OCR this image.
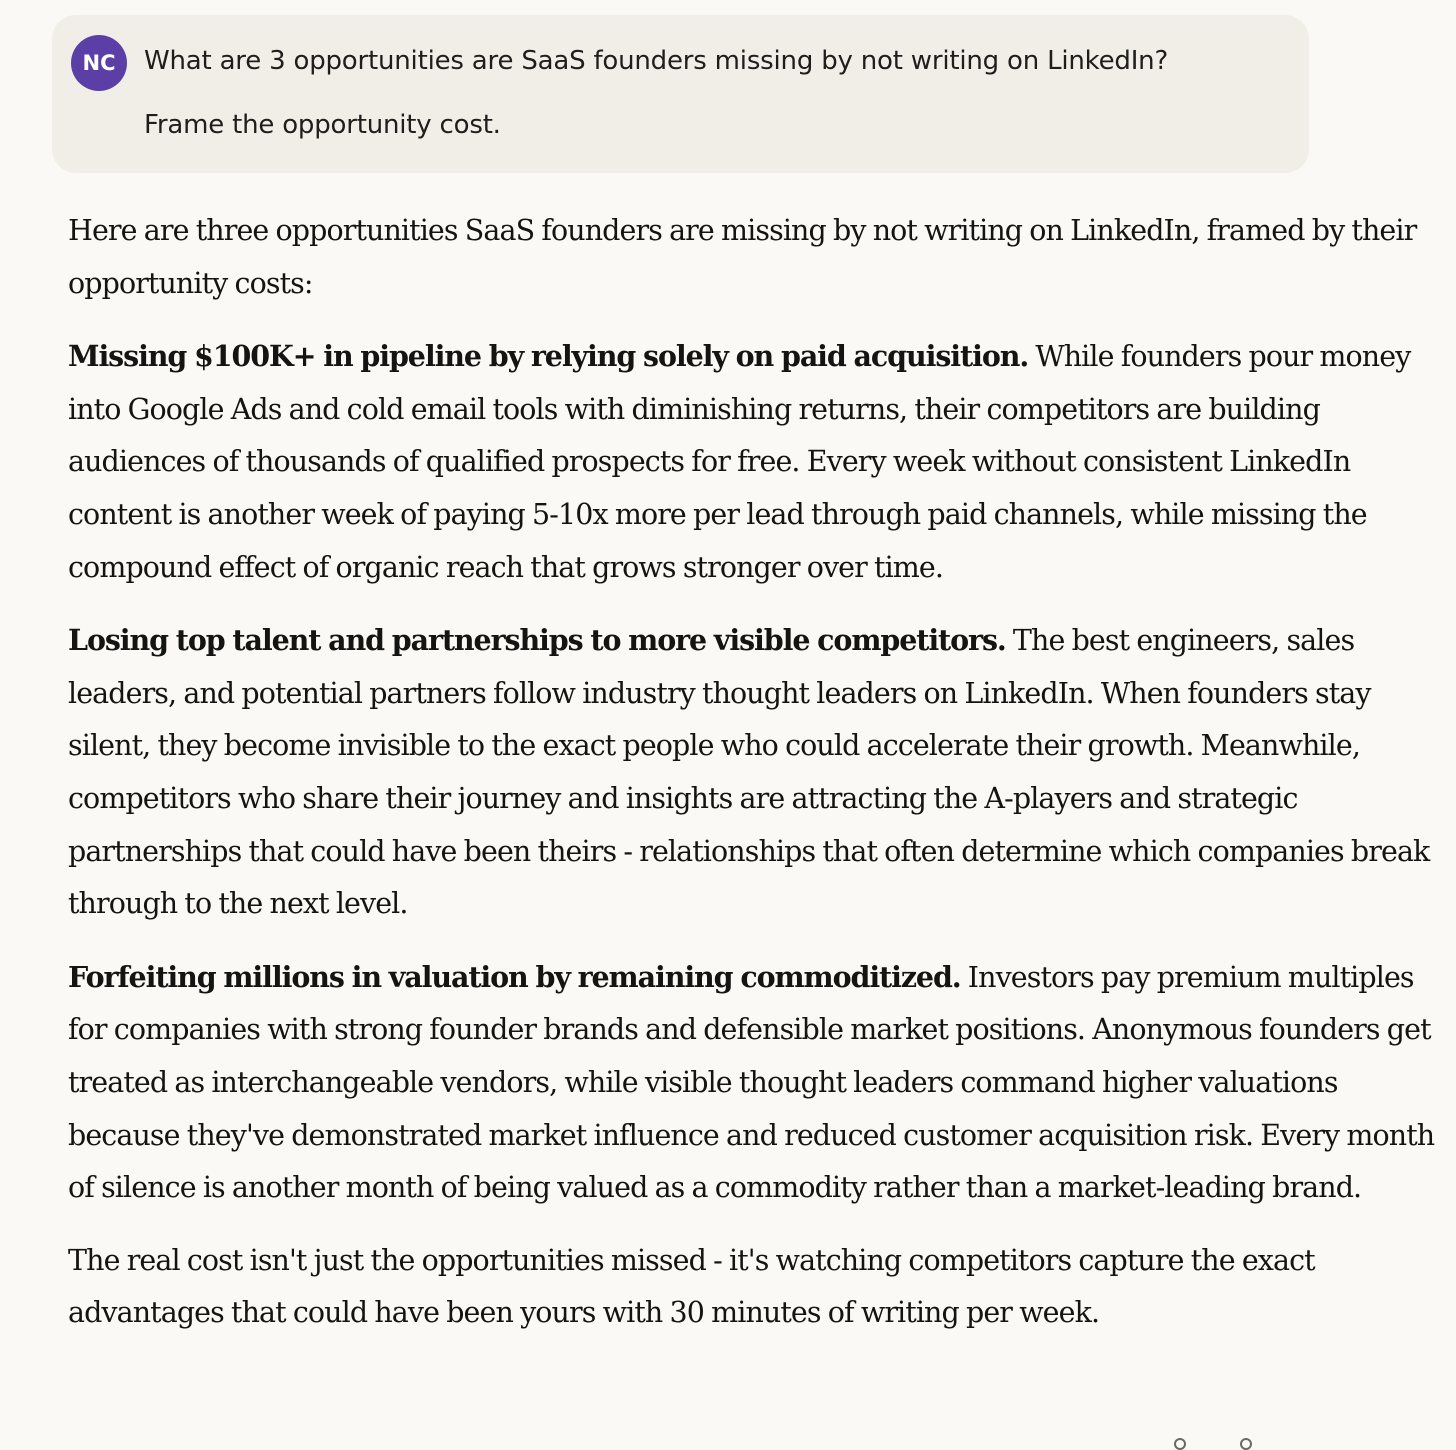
NC	What are 3 opportunities are SaaS founders missing by not writing on LinkedIn?

Frame the opportunity cost.

Here are three opportunities SaaS founders are missing by not writing on LinkedIn, framed by their opportunity costs:

Missing $100K+ in pipeline by relying solely on paid acquisition. While founders pour money into Google Ads and cold email tools with diminishing returns, their competitors are building audiences of thousands of qualified prospects for free. Every week without consistent LinkedIn content is another week of paying 5-10x more per lead through paid channels, while missing the compound effect of organic reach that grows stronger over time.

Losing top talent and partnerships to more visible competitors. The best engineers, sales leaders, and potential partners follow industry thought leaders on LinkedIn. When founders stay silent, they become invisible to the exact people who could accelerate their growth. Meanwhile, competitors who share their journey and insights are attracting the A-players and strategic partnerships that could have been theirs - relationships that often determine which companies break through to the next level.

Forfeiting millions in valuation by remaining commoditized. Investors pay premium multiples for companies with strong founder brands and defensible market positions. Anonymous founders get treated as interchangeable vendors, while visible thought leaders command higher valuations because they've demonstrated market influence and reduced customer acquisition risk. Every month of silence is another month of being valued as a commodity rather than a market-leading brand.

The real cost isn't just the opportunities missed - it's watching competitors capture the exact advantages that could have been yours with 30 minutes of writing per week.
